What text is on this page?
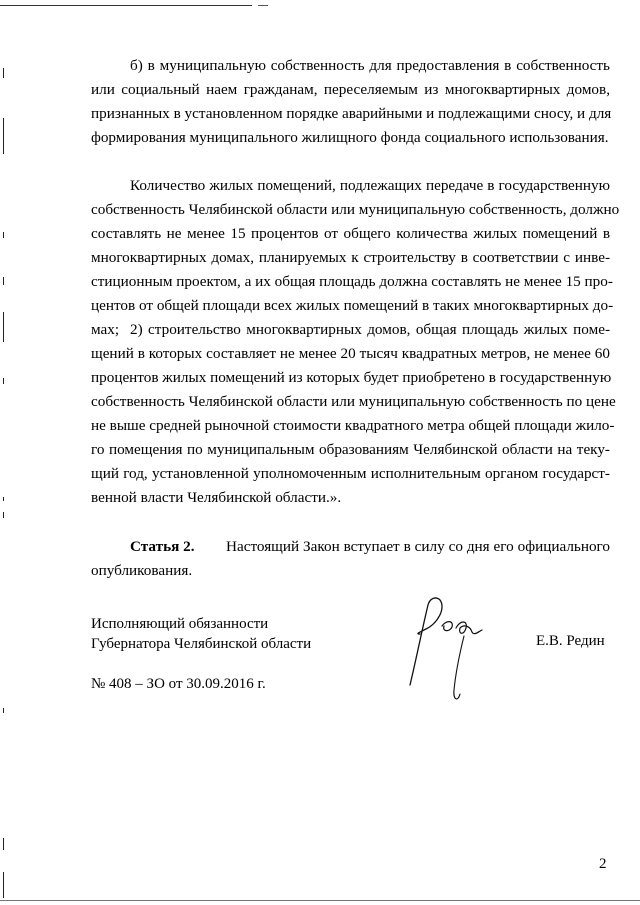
б) в муниципальную собственность для предоставления в собственность
или социальный наем гражданам, переселяемым из многоквартирных домов,
признанных в установленном порядке аварийными и подлежащими сносу, и для
формирования муниципального жилищного фонда социального использования.
Количество жилых помещений, подлежащих передаче в государственную
собственность Челябинской области или муниципальную собственность, должно
составлять не менее 15 процентов от общего количества жилых помещений в
многоквартирных домах, планируемых к строительству в соответствии с инве-
стиционным проектом, а их общая площадь должна составлять не менее 15 про-
центов от общей площади всех жилых помещений в таких многоквартирных до-
мах; 2) строительство многоквартирных домов, общая площадь жилых поме-
щений в которых составляет не менее 20 тысяч квадратных метров, не менее 60
процентов жилых помещений из которых будет приобретено в государственную
собственность Челябинской области или муниципальную собственность по цене
не выше средней рыночной стоимости квадратного метра общей площади жило-
го помещения по муниципальным образованиям Челябинской области на теку-
щий год, установленной уполномоченным исполнительным органом государст-
венной власти Челябинской области.».
Статья 2.	Настоящий Закон вступает в силу со дня его официального
опубликования.
Исполняющий обязанности
Губернатора Челябинской области	Е.В. Редин
№ 408 – ЗО от 30.09.2016 г.
2
